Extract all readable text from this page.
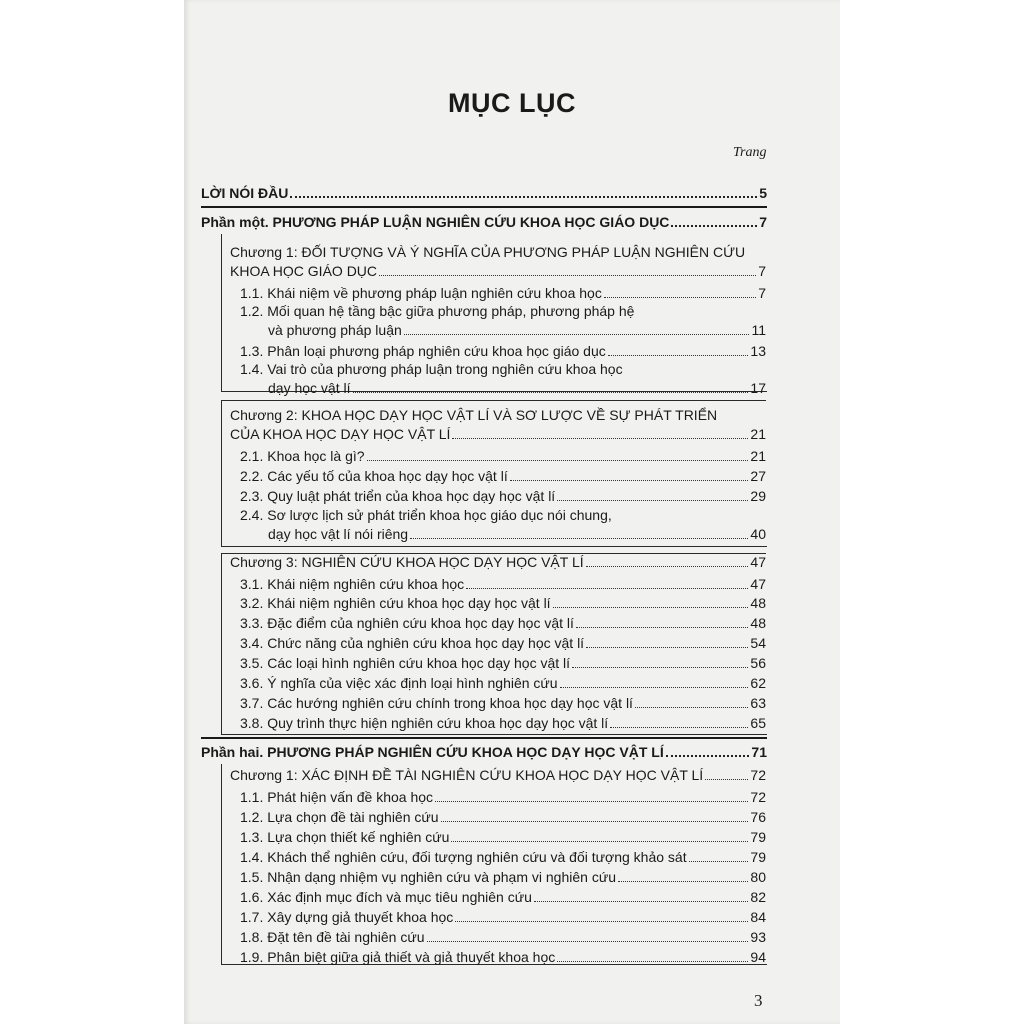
MỤC LỤC
Trang
LỜI NÓI ĐẦU	5
Phần một. PHƯƠNG PHÁP LUẬN NGHIÊN CỨU KHOA HỌC GIÁO DỤC	7
Chương 1: ĐỐI TƯỢNG VÀ Ý NGHĨA CỦA PHƯƠNG PHÁP LUẬN NGHIÊN CỨU
KHOA HỌC GIÁO DỤC	7
1.1. Khái niệm về phương pháp luận nghiên cứu khoa học	7
1.2. Mối quan hệ tầng bậc giữa phương pháp, phương pháp hệ
và phương pháp luận	11
1.3. Phân loại phương pháp nghiên cứu khoa học giáo dục	13
1.4. Vai trò của phương pháp luận trong nghiên cứu khoa học
dạy học vật lí	17
Chương 2: KHOA HỌC DẠY HỌC VẬT LÍ VÀ SƠ LƯỢC VỀ SỰ PHÁT TRIỂN
CỦA KHOA HỌC DẠY HỌC VẬT LÍ	21
2.1. Khoa học là gì?	21
2.2. Các yếu tố của khoa học dạy học vật lí	27
2.3. Quy luật phát triển của khoa học dạy học vật lí	29
2.4. Sơ lược lịch sử phát triển khoa học giáo dục nói chung,
dạy học vật lí nói riêng	40
Chương 3: NGHIÊN CỨU KHOA HỌC DẠY HỌC VẬT LÍ	47
3.1. Khái niệm nghiên cứu khoa học	47
3.2. Khái niệm nghiên cứu khoa học dạy học vật lí	48
3.3. Đặc điểm của nghiên cứu khoa học dạy học vật lí	48
3.4. Chức năng của nghiên cứu khoa học dạy học vật lí	54
3.5. Các loại hình nghiên cứu khoa học dạy học vật lí	56
3.6. Ý nghĩa của việc xác định loại hình nghiên cứu	62
3.7. Các hướng nghiên cứu chính trong khoa học dạy học vật lí	63
3.8. Quy trình thực hiện nghiên cứu khoa học dạy học vật lí	65
Phần hai. PHƯƠNG PHÁP NGHIÊN CỨU KHOA HỌC DẠY HỌC VẬT LÍ	71
Chương 1: XÁC ĐỊNH ĐỀ TÀI NGHIÊN CỨU KHOA HỌC DẠY HỌC VẬT LÍ	72
1.1. Phát hiện vấn đề khoa học	72
1.2. Lựa chọn đề tài nghiên cứu	76
1.3. Lựa chọn thiết kế nghiên cứu	79
1.4. Khách thể nghiên cứu, đối tượng nghiên cứu và đối tượng khảo sát	79
1.5. Nhận dạng nhiệm vụ nghiên cứu và phạm vi nghiên cứu	80
1.6. Xác định mục đích và mục tiêu nghiên cứu	82
1.7. Xây dựng giả thuyết khoa học	84
1.8. Đặt tên đề tài nghiên cứu	93
1.9. Phân biệt giữa giả thiết và giả thuyết khoa học	94
3
